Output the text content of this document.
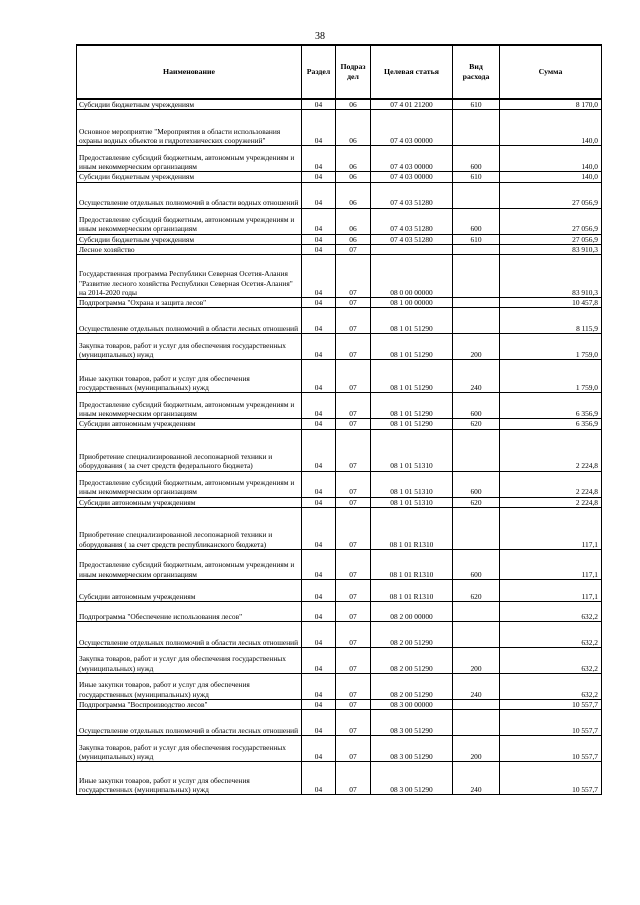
38
Наименование	Раздел	Подраз дел	Целевая статья	Вид расхода	Сумма
Субсидии бюджетным учреждениям	04	06	07 4 01 21200	610	8 170,0
Основное мероприятие "Мероприятия в области использования охраны водных объектов и гидротехнических сооружений"	04	06	07 4 03 00000		140,0
Предоставление субсидий бюджетным, автономным учреждениям и иным некоммерческим организациям	04	06	07 4 03 00000	600	140,0
Субсидии бюджетным учреждениям	04	06	07 4 03 00000	610	140,0
Осуществление отдельных полномочий в области водных отношений	04	06	07 4 03 51280		27 056,9
Предоставление субсидий бюджетным, автономным учреждениям и иным некоммерческим организациям	04	06	07 4 03 51280	600	27 056,9
Субсидии бюджетным учреждениям	04	06	07 4 03 51280	610	27 056,9
Лесное хозяйство	04	07			83 910,3
Государственная программа Республики Северная Осетия-Алания "Развитие лесного хозяйства Республики Северная Осетия-Алания" на 2014-2020 годы	04	07	08 0 00 00000		83 910,3
Подпрограмма "Охрана и защита лесов"	04	07	08 1 00 00000		10 457,8
Осуществление отдельных полномочий в области лесных отношений	04	07	08 1 01 51290		8 115,9
Закупка товаров, работ и услуг для обеспечения государственных (муниципальных) нужд	04	07	08 1 01 51290	200	1 759,0
Иные закупки товаров, работ и услуг для обеспечения государственных (муниципальных) нужд	04	07	08 1 01 51290	240	1 759,0
Предоставление субсидий бюджетным, автономным учреждениям и иным некоммерческим организациям	04	07	08 1 01 51290	600	6 356,9
Субсидии автономным учреждениям	04	07	08 1 01 51290	620	6 356,9
Приобретение специализированной лесопожарной техники и оборудования ( за счет средств федерального бюджета)	04	07	08 1 01 51310		2 224,8
Предоставление субсидий бюджетным, автономным учреждениям и иным некоммерческим организациям	04	07	08 1 01 51310	600	2 224,8
Субсидии автономным учреждениям	04	07	08 1 01 51310	620	2 224,8
Приобретение специализированной лесопожарной техники и оборудования ( за счет средств республиканского бюджета)	04	07	08 1 01 R1310		117,1
Предоставление субсидий бюджетным, автономным учреждениям и иным некоммерческим организациям	04	07	08 1 01 R1310	600	117,1
Субсидии автономным учреждениям	04	07	08 1 01 R1310	620	117,1
Подпрограмма "Обеспечение использования лесов"	04	07	08 2 00 00000		632,2
Осуществление отдельных полномочий в области лесных отношений	04	07	08 2 00 51290		632,2
Закупка товаров, работ и услуг для обеспечения государственных (муниципальных) нужд	04	07	08 2 00 51290	200	632,2
Иные закупки товаров, работ и услуг для обеспечения государственных (муниципальных) нужд	04	07	08 2 00 51290	240	632,2
Подпрограмма "Воспроизводство лесов"	04	07	08 3 00 00000		10 557,7
Осуществление отдельных полномочий в области лесных отношений	04	07	08 3 00 51290		10 557,7
Закупка товаров, работ и услуг для обеспечения государственных (муниципальных) нужд	04	07	08 3 00 51290	200	10 557,7
Иные закупки товаров, работ и услуг для обеспечения государственных (муниципальных) нужд	04	07	08 3 00 51290	240	10 557,7
